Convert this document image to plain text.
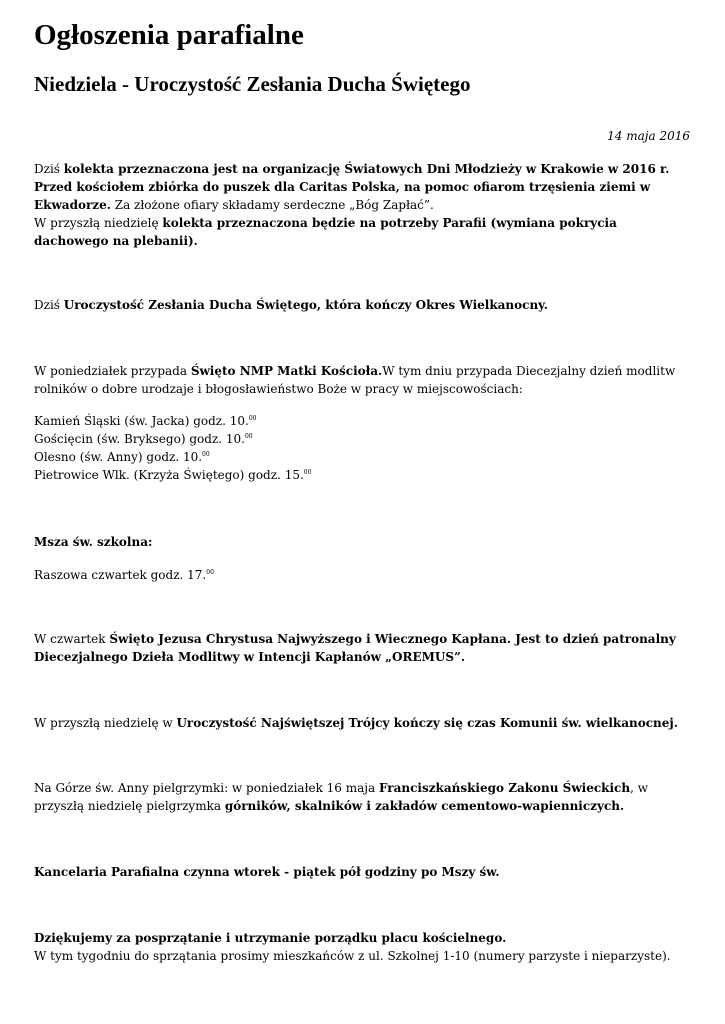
Ogłoszenia parafialne
Niedziela - Uroczystość Zesłania Ducha Świętego
14 maja 2016

Dziś kolekta przeznaczona jest na organizację Światowych Dni Młodzieży w Krakowie w 2016 r. Przed kościołem zbiórka do puszek dla Caritas Polska, na pomoc ofiarom trzęsienia ziemi w Ekwadorze. Za złożone ofiary składamy serdeczne „Bóg Zapłać”.

W przyszłą niedzielę kolekta przeznaczona będzie na potrzeby Parafii (wymiana pokrycia dachowego na plebanii).

Dziś Uroczystość Zesłania Ducha Świętego, która kończy Okres Wielkanocny.

W poniedziałek przypada Święto NMP Matki Kościoła.W tym dniu przypada Diecezjalny dzień modlitw rolników o dobre urodzaje i błogosławieństwo Boże w pracy w miejscowościach:

Kamień Śląski (św. Jacka) godz. 10.00

Gościęcin (św. Bryksego) godz. 10.00

Olesno (św. Anny) godz. 10.00

Pietrowice Wlk. (Krzyża Świętego) godz. 15.00

Msza św. szkolna:

Raszowa czwartek godz. 17.00

W czwartek Święto Jezusa Chrystusa Najwyższego i Wiecznego Kapłana. Jest to dzień patronalny Diecezjalnego Dzieła Modlitwy w Intencji Kapłanów „OREMUS”.

W przyszłą niedzielę w Uroczystość Najświętszej Trójcy kończy się czas Komunii św. wielkanocnej.

Na Górze św. Anny pielgrzymki: w poniedziałek 16 maja Franciszkańskiego Zakonu Świeckich, w przyszłą niedzielę pielgrzymka górników, skalników i zakładów cementowo-wapienniczych.

Kancelaria Parafialna czynna wtorek - piątek pół godziny po Mszy św.

Dziękujemy za posprzątanie i utrzymanie porządku placu kościelnego.

W tym tygodniu do sprzątania prosimy mieszkańców z ul. Szkolnej 1-10 (numery parzyste i nieparzyste).
